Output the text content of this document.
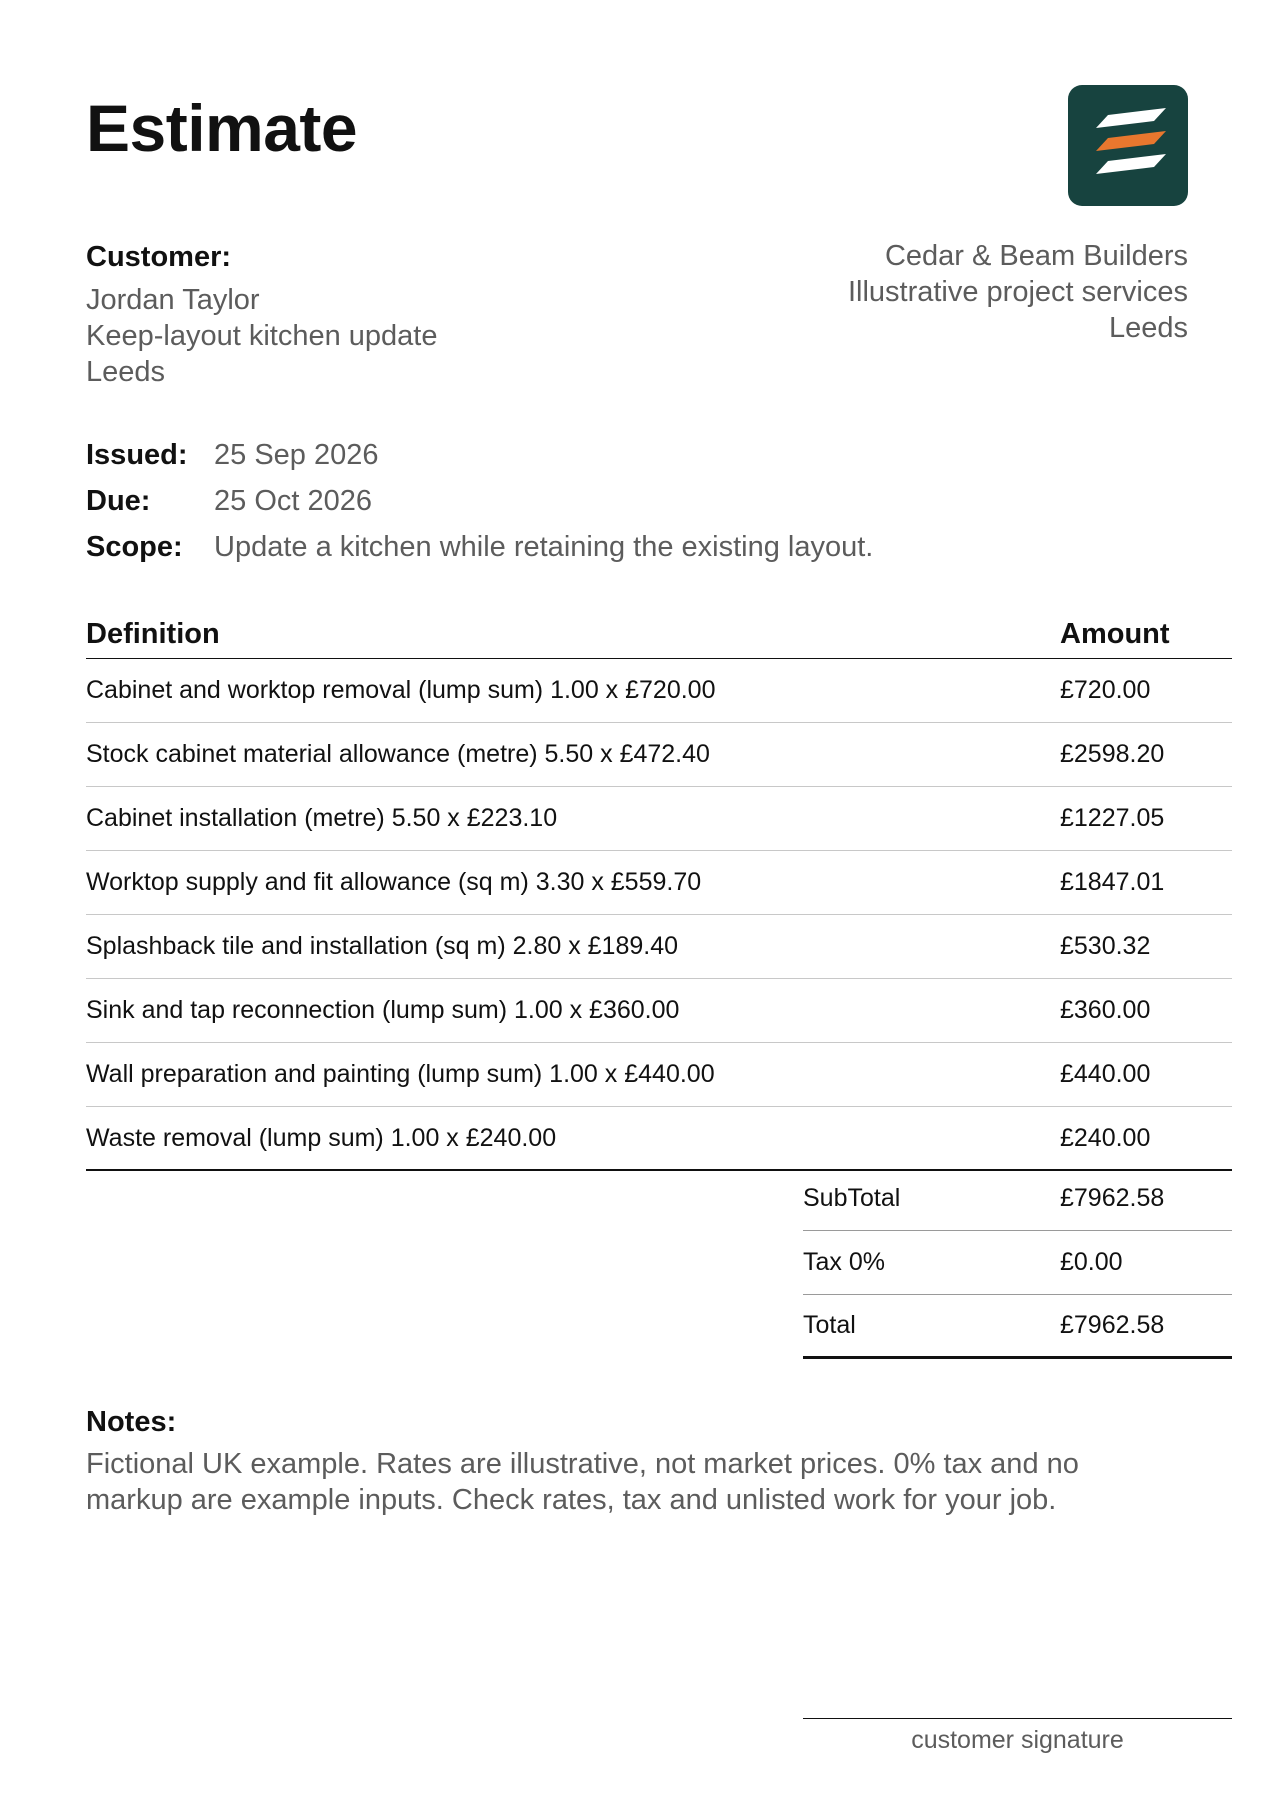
Estimate
Customer:
Jordan Taylor
Keep-layout kitchen update
Leeds
Cedar & Beam Builders
Illustrative project services
Leeds
Issued: 25 Sep 2026
Due:	25 Oct 2026
Scope:	Update a kitchen while retaining the existing layout.
Definition	Amount
Cabinet and worktop removal (lump sum) 1.00 x £720.00	£720.00
Stock cabinet material allowance (metre) 5.50 x £472.40	£2598.20
Cabinet installation (metre) 5.50 x £223.10	£1227.05
Worktop supply and fit allowance (sq m) 3.30 x £559.70	£1847.01
Splashback tile and installation (sq m) 2.80 x £189.40	£530.32
Sink and tap reconnection (lump sum) 1.00 x £360.00	£360.00
Wall preparation and painting (lump sum) 1.00 x £440.00	£440.00
Waste removal (lump sum) 1.00 x £240.00	£240.00
SubTotal	£7962.58
Tax 0%	£0.00
Total	£7962.58
Notes:
Fictional UK example. Rates are illustrative, not market prices. 0% tax and no
markup are example inputs. Check rates, tax and unlisted work for your job.
customer signature
